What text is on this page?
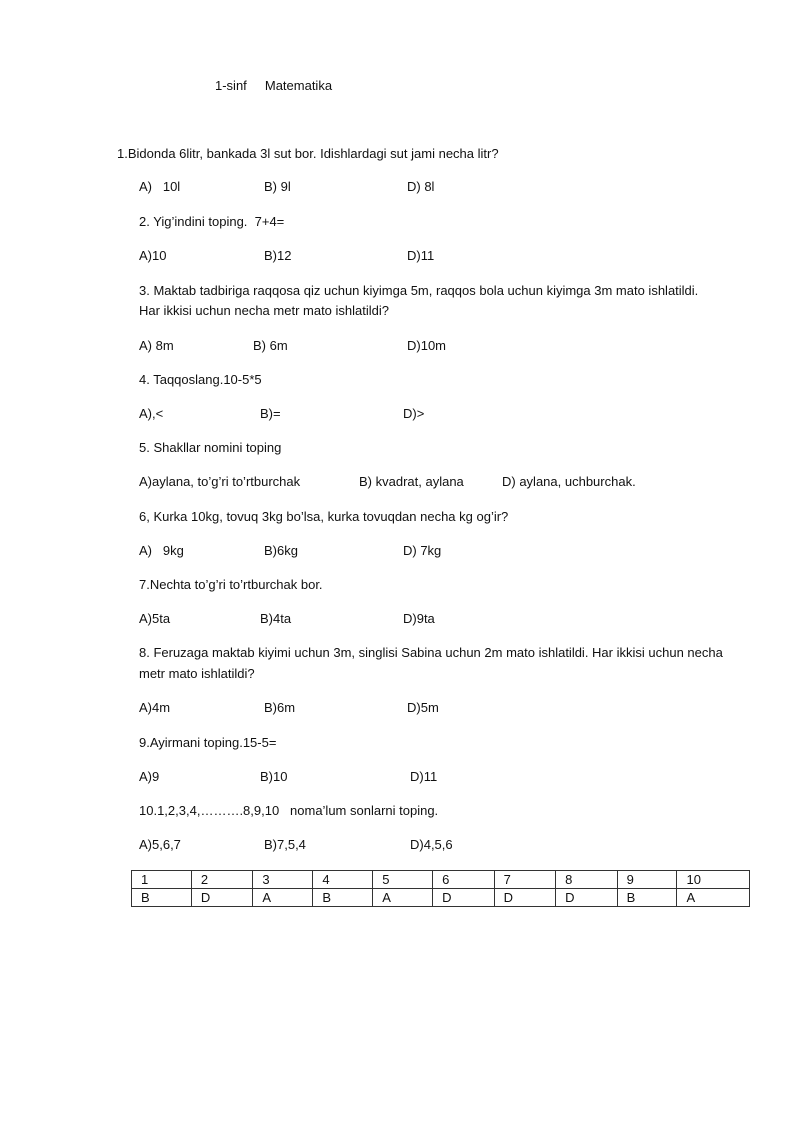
1-sinf Matematika
1.Bidonda 6litr, bankada 3l sut bor. Idishlardagi sut jami necha litr?
A)   10l	B) 9l	D) 8l
2. Yig’indini toping.  7+4=
A)10	B)12	D)11
3. Maktab tadbiriga raqqosa qiz uchun kiyimga 5m, raqqos bola uchun kiyimga 3m mato ishlatildi.
Har ikkisi uchun necha metr mato ishlatildi?
A) 8m	B) 6m	D)10m
4. Taqqoslang.10-5*5
A),<	B)=	D)>
5. Shakllar nomini toping
A)aylana, to’g’ri to’rtburchak	B) kvadrat, aylana	D) aylana, uchburchak.
6, Kurka 10kg, tovuq 3kg bo’lsa, kurka tovuqdan necha kg og’ir?
A)   9kg	B)6kg	D) 7kg
7.Nechta to’g’ri to’rtburchak bor.
A)5ta	B)4ta	D)9ta
8. Feruzaga maktab kiyimi uchun 3m, singlisi Sabina uchun 2m mato ishlatildi. Har ikkisi uchun necha
metr mato ishlatildi?
A)4m	B)6m	D)5m
9.Ayirmani toping.15-5=
A)9	B)10	D)11
10.1,2,3,4,……….8,9,10   noma’lum sonlarni toping.
A)5,6,7	B)7,5,4	D)4,5,6
1	2	3	4	5	6	7	8	9	10
B	D	A	B	A	D	D	D	B	A
